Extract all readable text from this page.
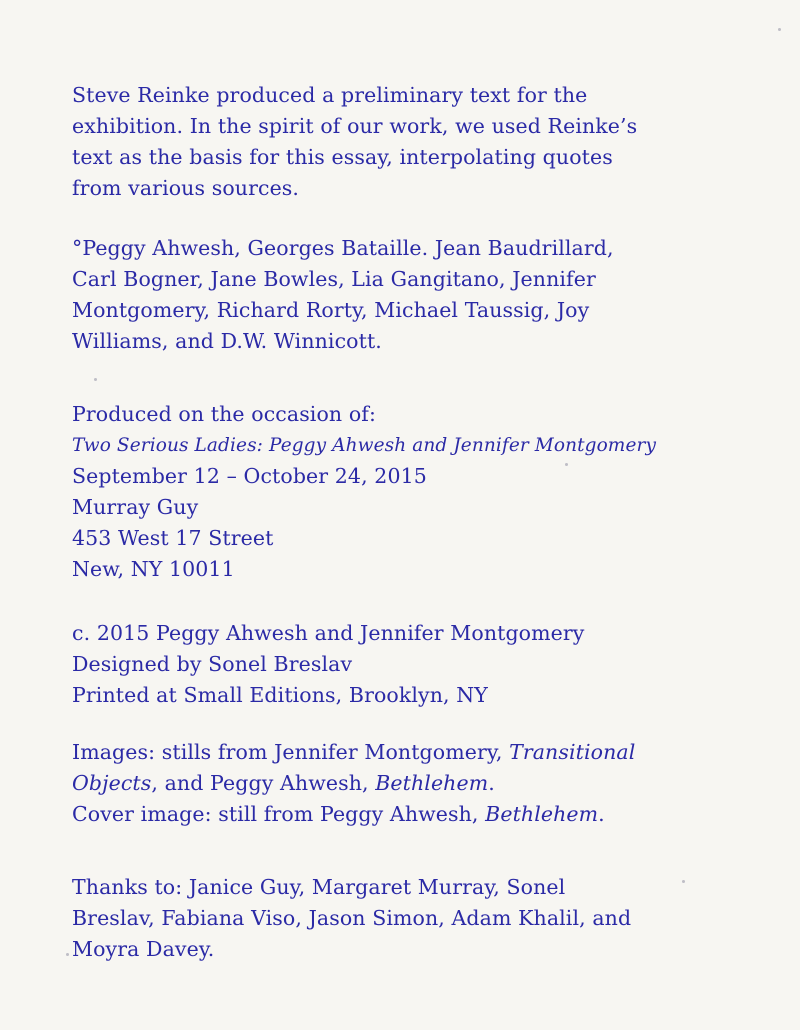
Steve Reinke produced a preliminary text for the
exhibition. In the spirit of our work, we used Reinke’s
text as the basis for this essay, interpolating quotes
from various sources.
°Peggy Ahwesh, Georges Bataille. Jean Baudrillard,
Carl Bogner, Jane Bowles, Lia Gangitano, Jennifer
Montgomery, Richard Rorty, Michael Taussig, Joy
Williams, and D.W. Winnicott.
Produced on the occasion of:
Two Serious Ladies: Peggy Ahwesh and Jennifer Montgomery
September 12 – October 24, 2015
Murray Guy
453 West 17 Street
New, NY 10011
c. 2015 Peggy Ahwesh and Jennifer Montgomery
Designed by Sonel Breslav
Printed at Small Editions, Brooklyn, NY
Images: stills from Jennifer Montgomery, Transitional
Objects, and Peggy Ahwesh, Bethlehem.
Cover image: still from Peggy Ahwesh, Bethlehem.
Thanks to: Janice Guy, Margaret Murray, Sonel
Breslav, Fabiana Viso, Jason Simon, Adam Khalil, and
Moyra Davey.
